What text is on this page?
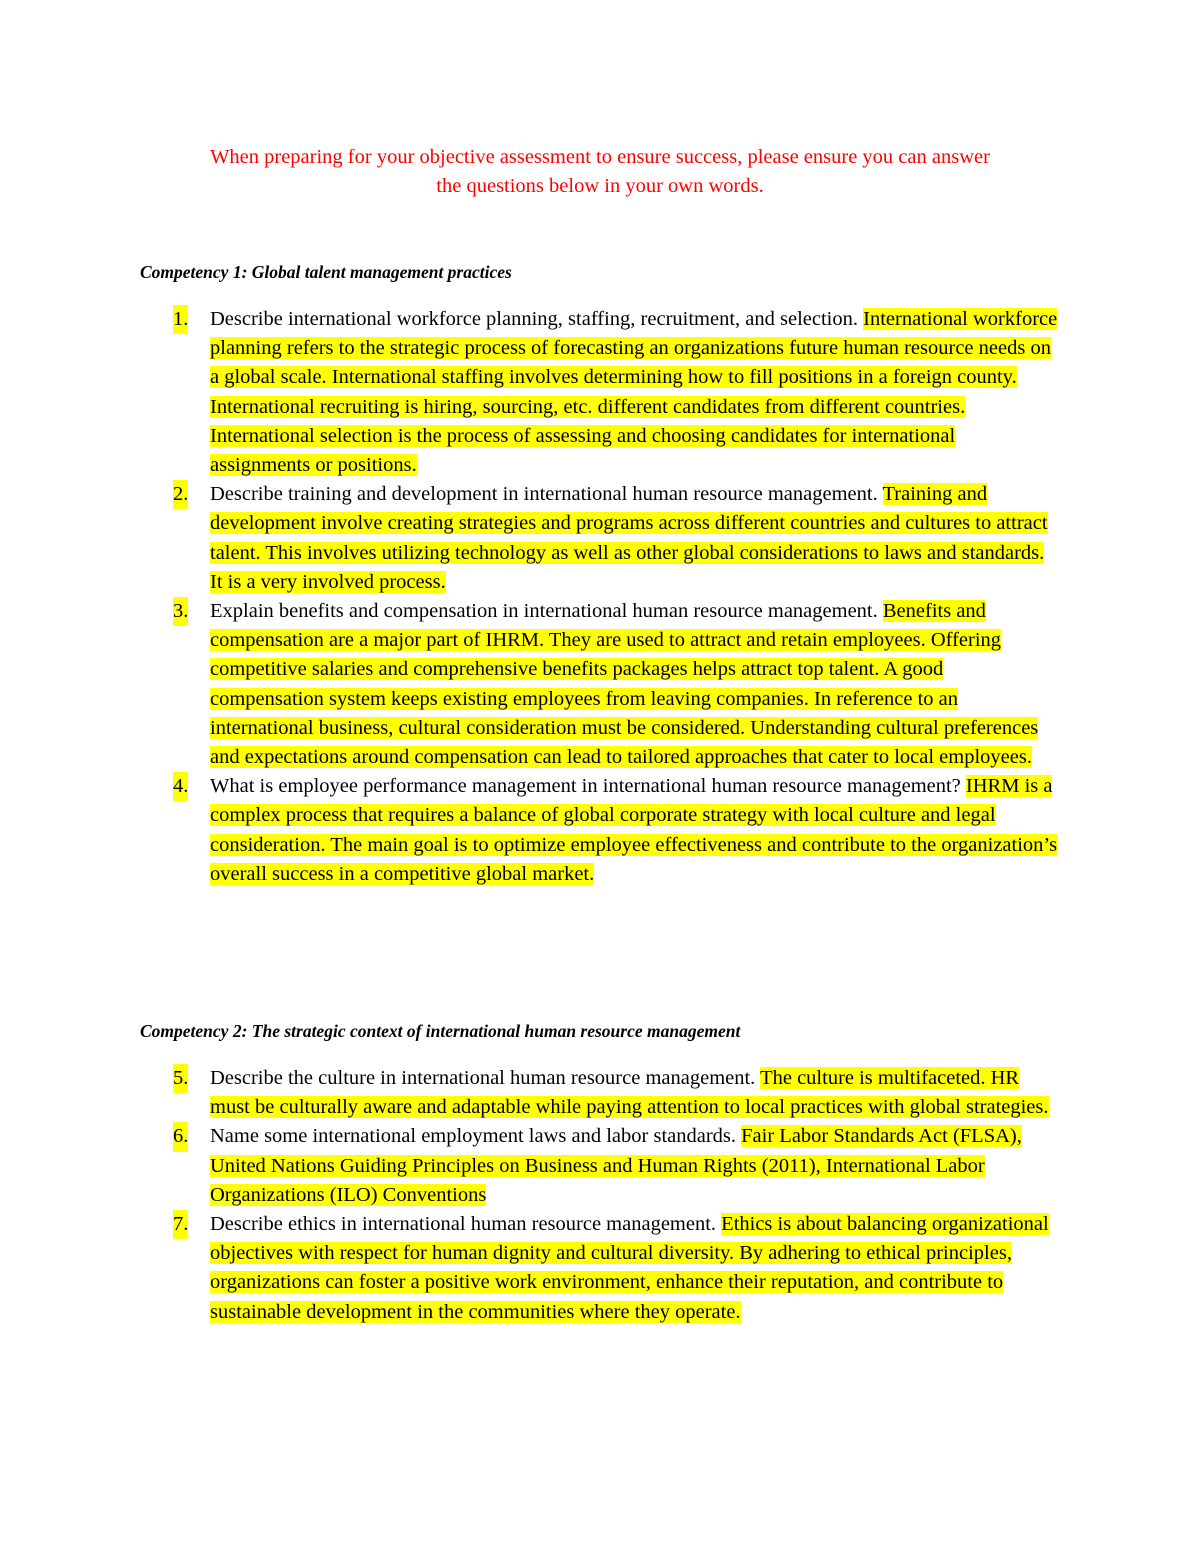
When preparing for your objective assessment to ensure success, please ensure you can answer
the questions below in your own words.
Competency 1: Global talent management practices
1. Describe international workforce planning, staffing, recruitment, and selection. International workforce planning refers to the strategic process of forecasting an organizations future human resource needs on a global scale. International staffing involves determining how to fill positions in a foreign county. International recruiting is hiring, sourcing, etc. different candidates from different countries. International selection is the process of assessing and choosing candidates for international assignments or positions.
2. Describe training and development in international human resource management. Training and development involve creating strategies and programs across different countries and cultures to attract talent. This involves utilizing technology as well as other global considerations to laws and standards. It is a very involved process.
3. Explain benefits and compensation in international human resource management. Benefits and compensation are a major part of IHRM. They are used to attract and retain employees. Offering competitive salaries and comprehensive benefits packages helps attract top talent. A good compensation system keeps existing employees from leaving companies. In reference to an international business, cultural consideration must be considered. Understanding cultural preferences and expectations around compensation can lead to tailored approaches that cater to local employees.
4. What is employee performance management in international human resource management? IHRM is a complex process that requires a balance of global corporate strategy with local culture and legal consideration. The main goal is to optimize employee effectiveness and contribute to the organization’s overall success in a competitive global market.
Competency 2: The strategic context of international human resource management
5. Describe the culture in international human resource management. The culture is multifaceted. HR must be culturally aware and adaptable while paying attention to local practices with global strategies.
6. Name some international employment laws and labor standards. Fair Labor Standards Act (FLSA), United Nations Guiding Principles on Business and Human Rights (2011), International Labor Organizations (ILO) Conventions
7. Describe ethics in international human resource management. Ethics is about balancing organizational objectives with respect for human dignity and cultural diversity. By adhering to ethical principles, organizations can foster a positive work environment, enhance their reputation, and contribute to sustainable development in the communities where they operate.
